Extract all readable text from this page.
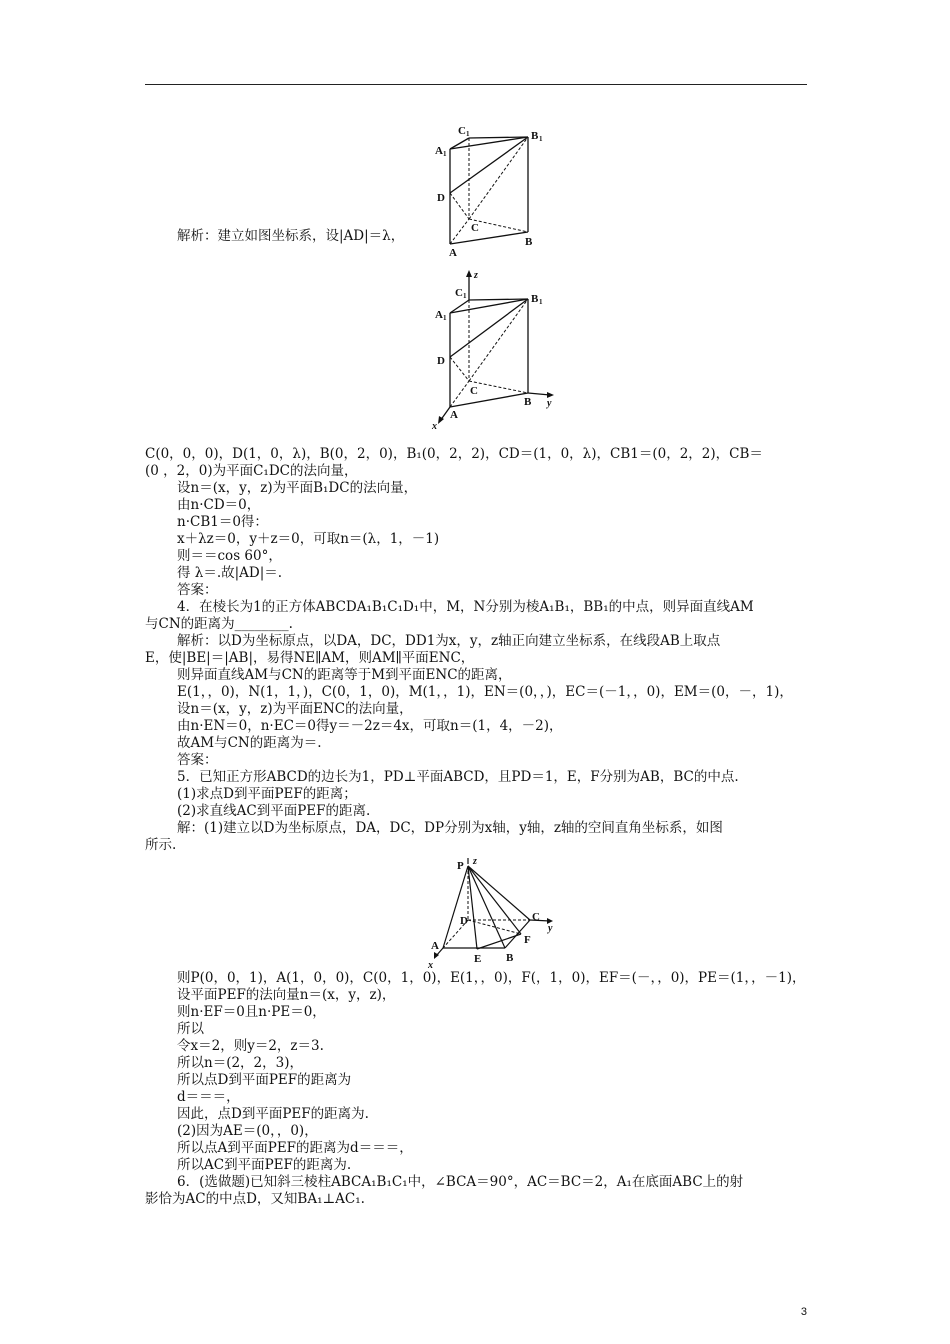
C 1	B 1
A 1
D
C
B
A
解析：建立如图坐标系，设|AD|＝λ，
z
y
x
C 1	B 1
A 1
D
C
B
A
C(0，0，0)，D(1，0，λ)，B(0，2，0)，B₁(0，2，2)，CD＝(1，0，λ)，CB1＝(0，2，2)，CB＝
(0 ，2，0)为平面C₁DC的法向量，
设n＝(x，y，z)为平面B₁DC的法向量，
由n·CD＝0，
n·CB1＝0得：
x＋λz＝0，y＋z＝0，可取n＝(λ，1，－1)
则＝＝cos 60°，
得 λ＝.故|AD|＝.
答案：
4．在棱长为1的正方体ABCDA₁B₁C₁D₁中，M，N分别为棱A₁B₁，BB₁的中点，则异面直线AM
与CN的距离为________.
解析：以D为坐标原点，以DA，DC，DD1为x，y，z轴正向建立坐标系，在线段AB上取点
E，使|BE|＝|AB|，易得NE∥AM，则AM∥平面ENC，
则异面直线AM与CN的距离等于M到平面ENC的距离，
E(1，，0)，N(1，1，)，C(0，1，0)，M(1，，1)，EN＝(0，，)，EC＝(－1，，0)，EM＝(0，－，1)，
设n＝(x，y，z)为平面ENC的法向量，
由n·EN＝0，n·EC＝0得y＝－2z＝4x，可取n＝(1，4，－2)，
故AM与CN的距离为＝.
答案：
5．已知正方形ABCD的边长为1，PD⊥平面ABCD，且PD＝1，E，F分别为AB，BC的中点.
(1)求点D到平面PEF的距离；
(2)求直线AC到平面PEF的距离.
解：(1)建立以D为坐标原点，DA，DC，DP分别为x轴，y轴，z轴的空间直角坐标系，如图
所示.
P z
D	C
y
F
A
E B
x
则P(0，0，1)，A(1，0，0)，C(0，1，0)，E(1，，0)，F(，1，0)，EF＝(－，，0)，PE＝(1，，－1)，
设平面PEF的法向量n＝(x，y，z)，
则n·EF＝0且n·PE＝0，
所以
令x＝2，则y＝2，z＝3.
所以n＝(2，2，3)，
所以点D到平面PEF的距离为
d＝＝＝，
因此，点D到平面PEF的距离为.
(2)因为AE＝(0，，0)，
所以点A到平面PEF的距离为d＝＝＝，
所以AC到平面PEF的距离为.
6．(选做题)已知斜三棱柱ABCA₁B₁C₁中，∠BCA＝90°，AC＝BC＝2，A₁在底面ABC上的射
影恰为AC的中点D，又知BA₁⊥AC₁.
3
